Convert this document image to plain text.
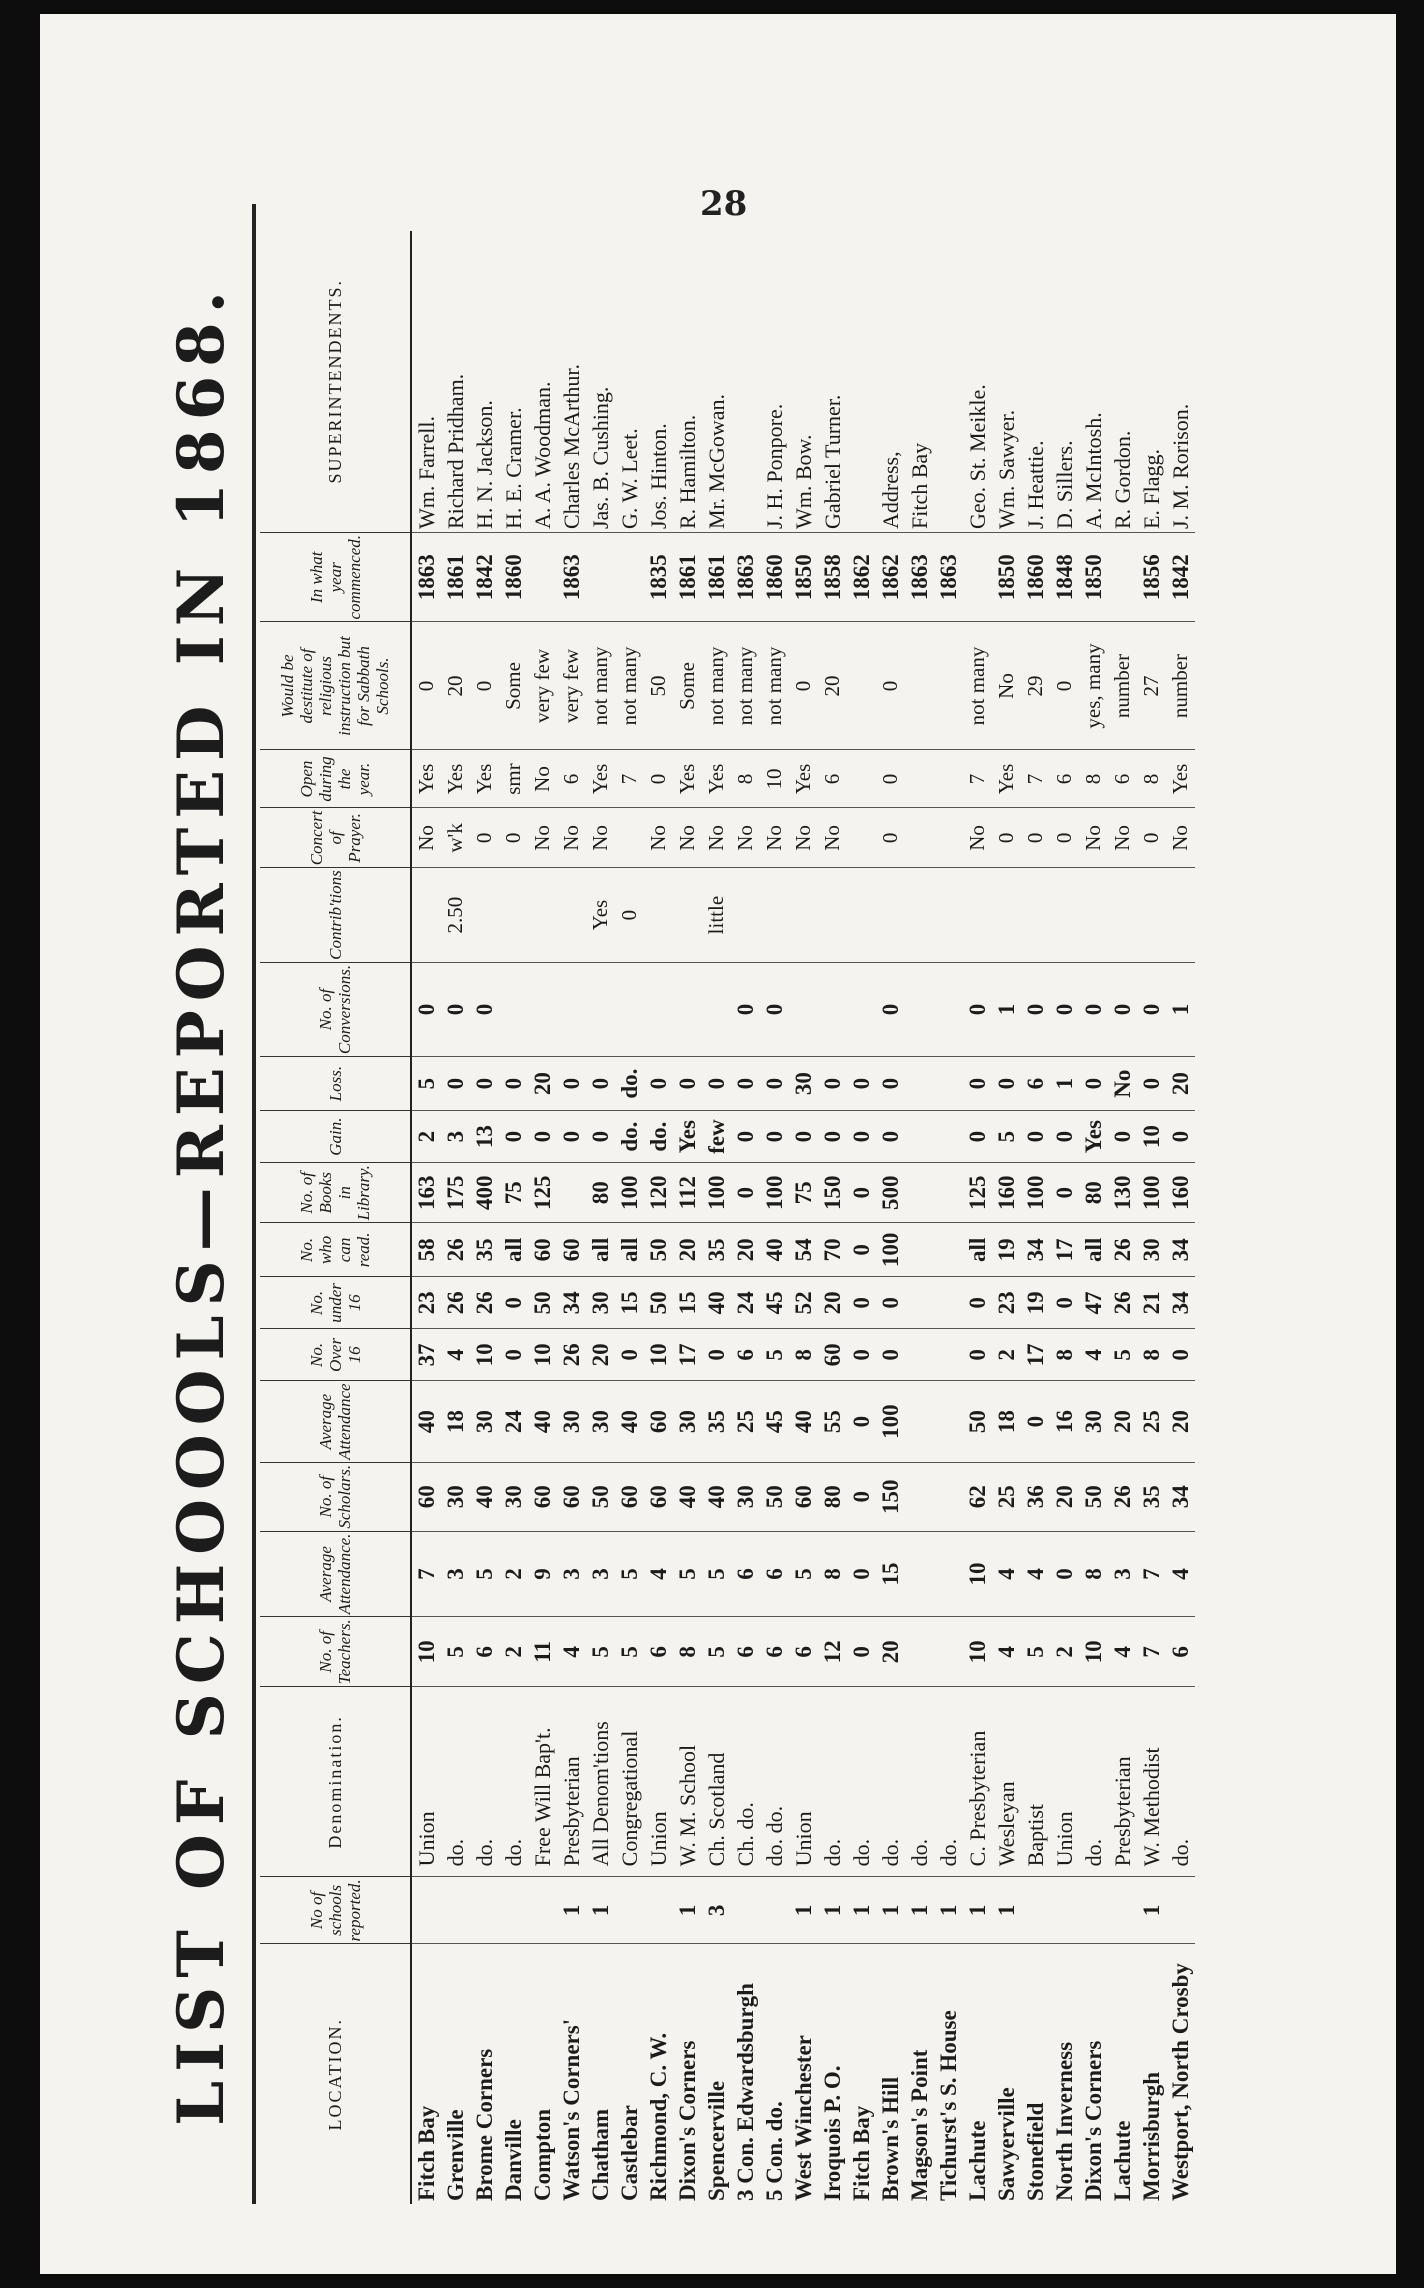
28
LIST OF SCHOOOLS—REPORTED IN 1868.	LOCATION.	No of schools reported.	Denomination.	No. of Teachers.	Average Attendance.	No. of Scholars.	Average Attendance	No. Over 16	No. under 16	No. who can read.	No. of Books in Library.	Gain.	Loss.	No. of Conversions.	Contrib'tions	Concert of Prayer.	Open during the year.	Would be destitute of religious instruction but for Sabbath Schools.	In what year commenced.	SUPERINTENDENTS.
Fitch Bay		Union	10	7	60	40	37	23	58	163	2	5	0		No	Yes	0	1863	Wm. Farrell.
Grenville		do.	5	3	30	18	4	26	26	175	3	0	0	2.50	w'k	Yes	20	1861	Richard Pridham.
Brome Corners		do.	6	5	40	30	10	26	35	400	13	0	0		0	Yes	0	1842	H. N. Jackson.
Danville		do.	2	2	30	24	0	0	all	75	0	0			0	smr	Some	1860	H. E. Cramer.
Compton		Free Will Bap't.	11	9	60	40	10	50	60	125	0	20			No	No	very few		A. A. Woodman.
Watson's Corners'	1	Presbyterian	4	3	60	30	26	34	60		0	0			No	6	very few	1863	Charles McArthur.
Chatham	1	All Denom'tions	5	3	50	30	20	30	all	80	0	0		Yes	No	Yes	not many		Jas. B. Cushing.
Castlebar		Congregational	5	5	60	40	0	15	all	100	do.	do.		0		7	not many		G. W. Leet.
Richmond, C. W.		Union	6	4	60	60	10	50	50	120	do.	0			No	0	50	1835	Jos. Hinton.
Dixon's Corners	1	W. M. School	8	5	40	30	17	15	20	112	Yes	0			No	Yes	Some	1861	R. Hamilton.
Spencerville	3	Ch. Scotland	5	5	40	35	0	40	35	100	few	0		little	No	Yes	not many	1861	Mr. McGowan.
3 Con. Edwardsburgh		Ch. do.	6	6	30	25	6	24	20	0	0	0	0		No	8	not many	1863	
5 Con. do.		do. do.	6	6	50	45	5	45	40	100	0	0	0		No	10	not many	1860	J. H. Ponpore.
West Winchester	1	Union	6	5	60	40	8	52	54	75	0	30			No	Yes	0	1850	Wm. Bow.
Iroquois P. O.	1	do.	12	8	80	55	60	20	70	150	0	0			No	6	20	1858	Gabriel Turner.
Fitch Bay	1	do.	0	0	0	0	0	0	0	0	0	0						1862	
Brown's Hill	1	do.	20	15	150	100	0	0	100	500	0	0	0		0	0	0	1862	Address,
Magson's Point	1	do.																1863	Fitch Bay
Tichurst's S. House	1	do.																1863	
Lachute	1	C. Presbyterian	10	10	62	50	0	0	all	125	0	0	0		No	7	not many		Geo. St. Meikle.
Sawyerville	1	Wesleyan	4	4	25	18	2	23	19	160	5	0	1		0	Yes	No	1850	Wm. Sawyer.
Stonefield		Baptist	5	4	36	0	17	19	34	100	0	6	0		0	7	29	1860	J. Heattie.
North Inverness		Union	2	0	20	16	8	0	17	0	0	1	0		0	6	0	1848	D. Sillers.
Dixon's Corners		do.	10	8	50	30	4	47	all	80	Yes	0	0		No	8	yes, many	1850	A. McIntosh.
Lachute		Presbyterian	4	3	26	20	5	26	26	130	0	No	0		No	6	number		R. Gordon.
Morrisburgh	1	W. Methodist	7	7	35	25	8	21	30	100	10	0	0		0	8	27	1856	E. Flagg.
Westport, North Crosby		do.	6	4	34	20	0	34	34	160	0	20	1		No	Yes	number	1842	J. M. Rorison.
